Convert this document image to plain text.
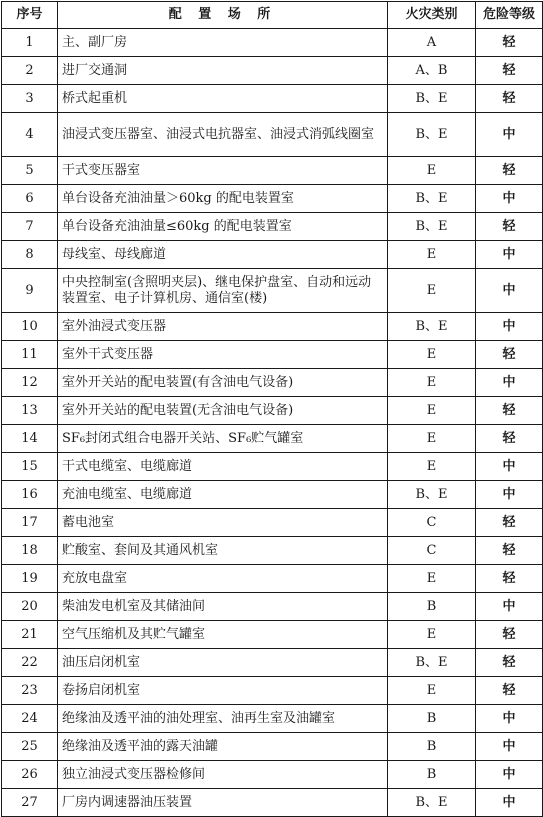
序号	配 置 场 所	火灾类别	危险等级
1	主、副厂房	A	轻
2	进厂交通洞	A、B	轻
3	桥式起重机	B、E	轻
4	油浸式变压器室、油浸式电抗器室、油浸式消弧线圈室	B、E	中
5	干式变压器室	E	轻
6	单台设备充油油量＞60kg 的配电装置室	B、E	中
7	单台设备充油油量≤60kg 的配电装置室	B、E	轻
8	母线室、母线廊道	E	中
9	中央控制室(含照明夹层)、继电保护盘室、自动和远动装置室、电子计算机房、通信室(楼)	E	中
10	室外油浸式变压器	B、E	中
11	室外干式变压器	E	轻
12	室外开关站的配电装置(有含油电气设备)	E	中
13	室外开关站的配电装置(无含油电气设备)	E	轻
14	SF₆封闭式组合电器开关站、SF₆贮气罐室	E	轻
15	干式电缆室、电缆廊道	E	中
16	充油电缆室、电缆廊道	B、E	中
17	蓄电池室	C	轻
18	贮酸室、套间及其通风机室	C	轻
19	充放电盘室	E	轻
20	柴油发电机室及其储油间	B	中
21	空气压缩机及其贮气罐室	E	轻
22	油压启闭机室	B、E	轻
23	卷扬启闭机室	E	轻
24	绝缘油及透平油的油处理室、油再生室及油罐室	B	中
25	绝缘油及透平油的露天油罐	B	中
26	独立油浸式变压器检修间	B	中
27	厂房内调速器油压装置	B、E	中
